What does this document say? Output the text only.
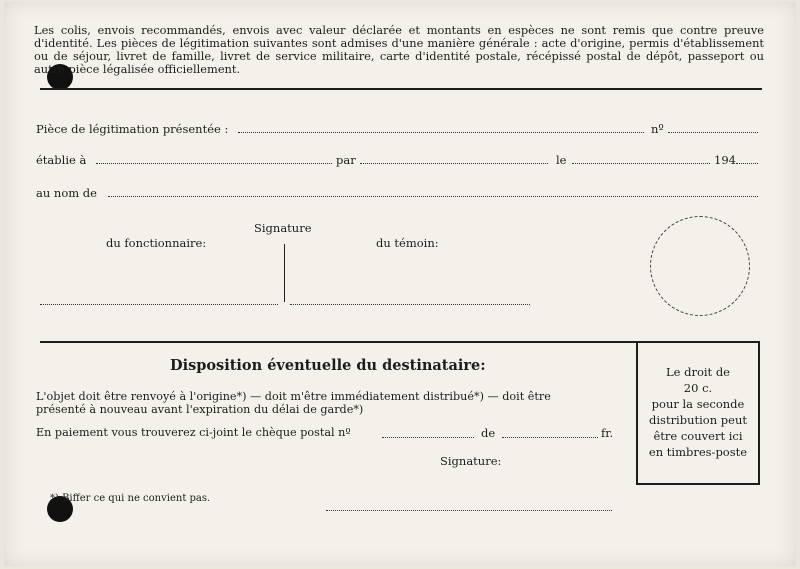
Les colis, envois recommandés, envois avec valeur déclarée et montants en espèces ne sont remis que contre preuve d'identité. Les pièces de légitimation suivantes sont admises d'une manière générale : acte d'origine, permis d'établissement ou de séjour, livret de famille, livret de service militaire, carte d'identité postale, récépissé postal de dépôt, passeport ou autre pièce légalisée officiellement.
Pièce de légitimation présentée :	nº
établie à	par	le	194
au nom de
Signature
du fonctionnaire:	du témoin:
Le droit de
20 c.
pour la seconde
distribution peut
être couvert ici
en timbres-poste
Disposition éventuelle du destinataire:
L'objet doit être renvoyé à l'origine*) — doit m'être immédiatement distribué*) — doit être
présenté à nouveau avant l'expiration du délai de garde*)
En paiement vous trouverez ci-joint le chèque postal nº	de	fr.
Signature:
*) Biffer ce qui ne convient pas.
